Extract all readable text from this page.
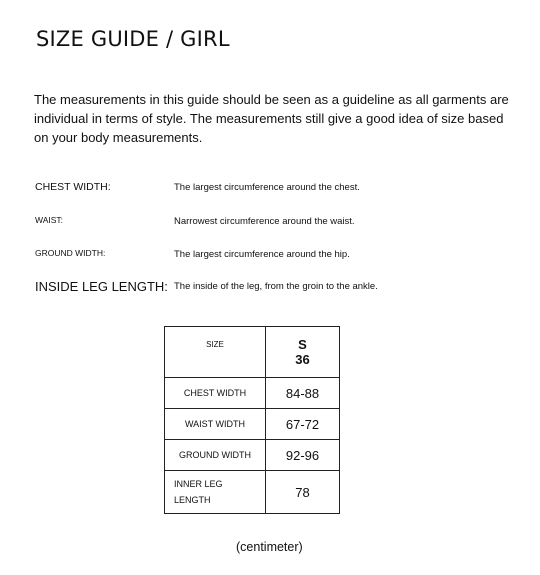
SIZE GUIDE / GIRL

The measurements in this guide should be seen as a guideline as all garments are individual in terms of style. The measurements still give a good idea of size based on your body measurements.

CHEST WIDTH:	The largest circumference around the chest.
WAIST:	Narrowest circumference around the waist.
GROUND WIDTH:	The largest circumference around the hip.
INSIDE LEG LENGTH: The inside of the leg, from the groin to the ankle.
SIZE	S
36

CHEST WIDTH	84-88
WAIST WIDTH	67-72
GROUND WIDTH	92-96
INNER LEG
LENGTH	78
(centimeter)
